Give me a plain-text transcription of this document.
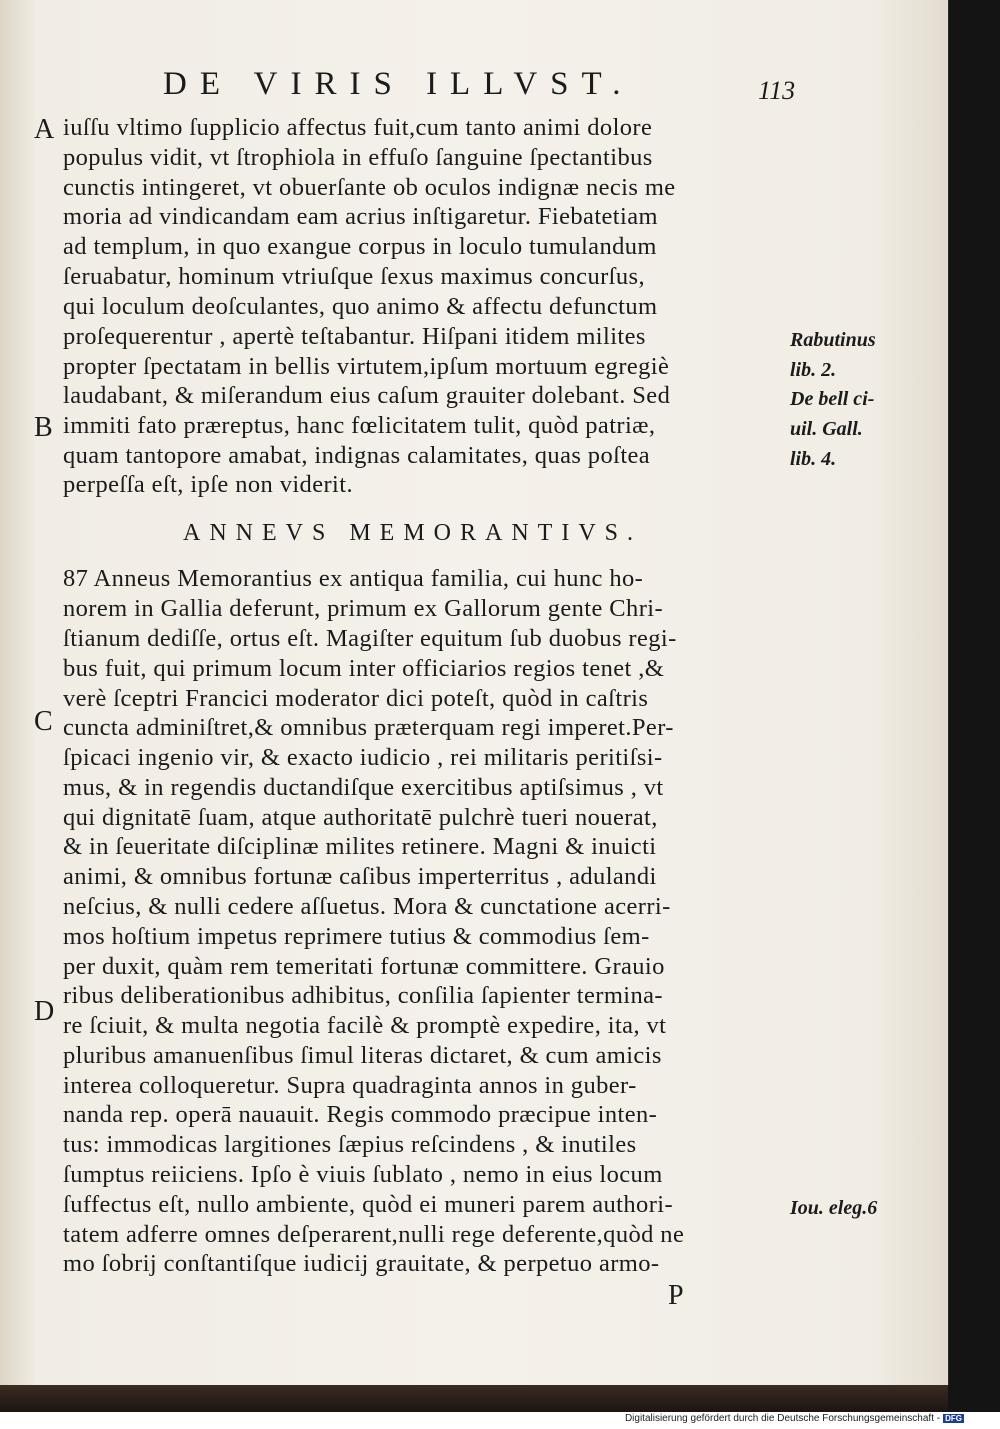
DE VIRIS ILLVST.	113
A
B
C
D
iuſſu vltimo ſupplicio affectus fuit,cum tanto animi dolore
populus vidit, vt ſtrophiola in effuſo ſanguine ſpectantibus
cunctis intingeret, vt obuerſante ob oculos indignæ necis me
moria ad vindicandam eam acrius inſtigaretur. Fiebatetiam
ad templum, in quo exangue corpus in loculo tumulandum
ſeruabatur, hominum vtriuſque ſexus maximus concurſus,
qui loculum deoſculantes, quo animo & affectu defunctum
proſequerentur , apertè teſtabantur. Hiſpani itidem milites
propter ſpectatam in bellis virtutem,ipſum mortuum egregiè
laudabant, & miſerandum eius caſum grauiter dolebant. Sed
immiti fato præreptus, hanc fœlicitatem tulit, quòd patriæ,
quam tantopore amabat, indignas calamitates, quas poſtea
perpeſſa eſt, ipſe non viderit.
ANNEVS MEMORANTIVS.
87 Anneus Memorantius ex antiqua familia, cui hunc ho-
norem in Gallia deferunt, primum ex Gallorum gente Chri-
ſtianum dediſſe, ortus eſt. Magiſter equitum ſub duobus regi-
bus fuit, qui primum locum inter officiarios regios tenet ,&
verè ſceptri Francici moderator dici poteſt, quòd in caſtris
cuncta adminiſtret,& omnibus præterquam regi imperet.Per-
ſpicaci ingenio vir, & exacto iudicio , rei militaris peritiſsi-
mus, & in regendis ductandiſque exercitibus aptiſsimus , vt
qui dignitatē ſuam, atque authoritatē pulchrè tueri nouerat,
& in ſeueritate diſciplinæ milites retinere. Magni & inuicti
animi, & omnibus fortunæ caſibus imperterritus , adulandi
neſcius, & nulli cedere aſſuetus. Mora & cunctatione acerri-
mos hoſtium impetus reprimere tutius & commodius ſem-
per duxit, quàm rem temeritati fortunæ committere. Grauio
ribus deliberationibus adhibitus, conſilia ſapienter termina-
re ſciuit, & multa negotia facilè & promptè expedire, ita, vt
pluribus amanuenſibus ſimul literas dictaret, & cum amicis
interea colloqueretur. Supra quadraginta annos in guber-
nanda rep. operā nauauit. Regis commodo præcipue inten-
tus: immodicas largitiones ſæpius reſcindens , & inutiles
ſumptus reiiciens. Ipſo è viuis ſublato , nemo in eius locum
ſuffectus eſt, nullo ambiente, quòd ei muneri parem authori-
tatem adferre omnes deſperarent,nulli rege deferente,quòd ne
mo ſobrij conſtantiſque iudicij grauitate, & perpetuo armo-
Rabutinus
lib. 2.
De bell ci-
uil. Gall.
lib. 4.
Iou. eleg.6
P
Digitalisierung gefördert durch die Deutsche Forschungsgemeinschaft - DFG
